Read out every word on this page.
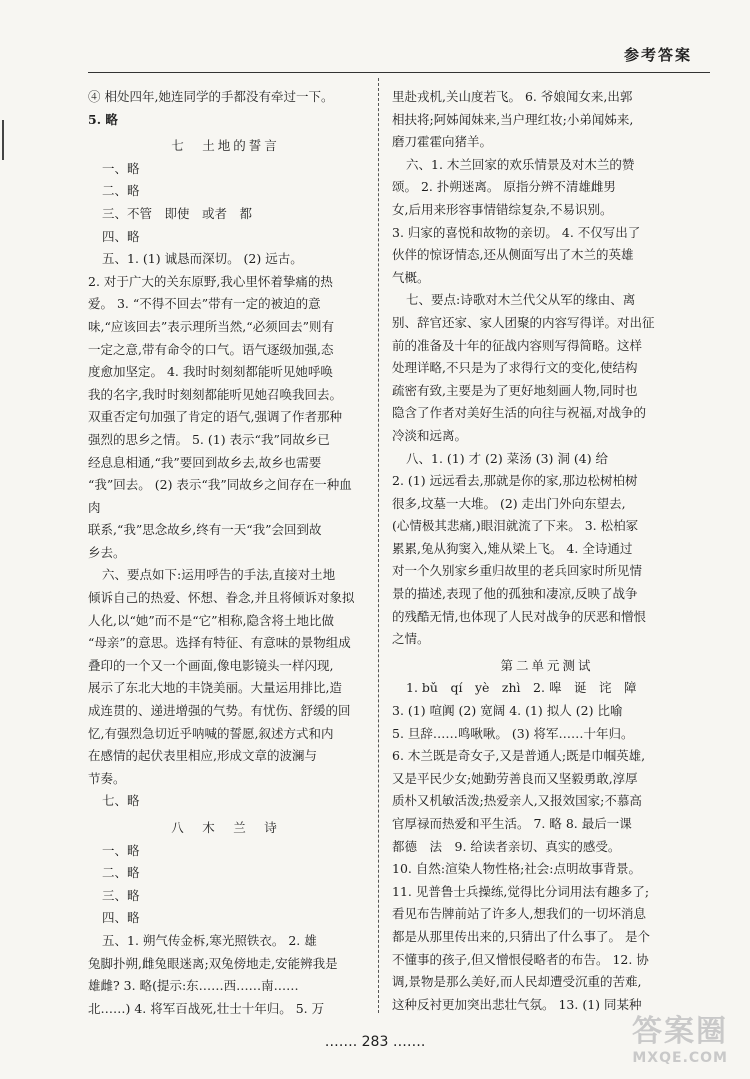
参考答案

④ 相处四年,她连同学的手都没有牵过一下。

5. 略

七　土地的誓言

一、略

二、略

三、不管　即使　或者　都

四、略

五、1. (1) 诚恳而深切。 (2) 远古。

2. 对于广大的关东原野,我心里怀着挚痛的热

爱。 3. “不得不回去”带有一定的被迫的意

味,“应该回去”表示理所当然,“必须回去”则有

一定之意,带有命令的口气。语气逐级加强,态

度愈加坚定。 4. 我时时刻刻都能听见她呼唤

我的名字,我时时刻刻都能听见她召唤我回去。

双重否定句加强了肯定的语气,强调了作者那种

强烈的思乡之情。 5. (1) 表示“我”同故乡已

经息息相通,“我”要回到故乡去,故乡也需要

“我”回去。 (2) 表示“我”同故乡之间存在一种血肉

联系,“我”思念故乡,终有一天“我”会回到故

乡去。

六、要点如下:运用呼告的手法,直接对土地

倾诉自己的热爱、怀想、眷念,并且将倾诉对象拟

人化,以“她”而不是“它”相称,隐含将土地比做

“母亲”的意思。选择有特征、有意味的景物组成

叠印的一个又一个画面,像电影镜头一样闪现,

展示了东北大地的丰饶美丽。大量运用排比,造

成连贯的、递进增强的气势。有忧伤、舒缓的回

忆,有强烈急切近乎呐喊的誓愿,叙述方式和内

在感情的起伏表里相应,形成文章的波澜与

节奏。

七、略

八　木　兰　诗

一、略

二、略

三、略

四、略

五、1. 朔气传金柝,寒光照铁衣。 2. 雄

兔脚扑朔,雌兔眼迷离;双兔傍地走,安能辨我是

雄雌? 3. 略(提示:东……西……南……

北……) 4. 将军百战死,壮士十年归。 5. 万

里赴戎机,关山度若飞。 6. 爷娘闻女来,出郭

相扶将;阿姊闻妹来,当户理红妆;小弟闻姊来,

磨刀霍霍向猪羊。

六、1. 木兰回家的欢乐情景及对木兰的赞

颂。 2. 扑朔迷离。 原指分辨不清雄雌男

女,后用来形容事情错综复杂,不易识别。

3. 归家的喜悦和故物的亲切。 4. 不仅写出了

伙伴的惊讶情态,还从侧面写出了木兰的英雄

气概。

七、要点:诗歌对木兰代父从军的缘由、离

别、辞官还家、家人团聚的内容写得详。对出征

前的准备及十年的征战内容则写得简略。这样

处理详略,不只是为了求得行文的变化,使结构

疏密有致,主要是为了更好地刻画人物,同时也

隐含了作者对美好生活的向往与祝福,对战争的

冷淡和远离。

八、1. (1) 才 (2) 菜汤 (3) 洞 (4) 给

2. (1) 远远看去,那就是你的家,那边松树柏树

很多,坟墓一大堆。 (2) 走出门外向东望去,

(心情极其悲痛,)眼泪就流了下来。 3. 松柏冢

累累,兔从狗窦入,雉从梁上飞。 4. 全诗通过

对一个久别家乡重归故里的老兵回家时所见情

景的描述,表现了他的孤独和凄凉,反映了战争

的残酷无情,也体现了人民对战争的厌恶和憎恨

之情。

第二单元测试

1. bǔ　qí　yè　zhì　2. 嗥　诞　诧　障

3. (1) 喧阗 (2) 宽阔 4. (1) 拟人 (2) 比喻

5. 旦辞……鸣啾啾。 (3) 将军……十年归。

6. 木兰既是奇女子,又是普通人;既是巾帼英雄,

又是平民少女;她勤劳善良而又坚毅勇敢,淳厚

质朴又机敏活泼;热爱亲人,又报效国家;不慕高

官厚禄而热爱和平生活。 7. 略 8. 最后一课

都德　法　9. 给读者亲切、真实的感受。

10. 自然:渲染人物性格;社会:点明故事背景。

11. 见普鲁士兵操练,觉得比分词用法有趣多了;

看见布告牌前站了许多人,想我们的一切坏消息

都是从那里传出来的,只猜出了什么事了。 是个

不懂事的孩子,但又憎恨侵略者的布告。 12. 协

调,景物是那么美好,而人民却遭受沉重的苦难,

这种反衬更加突出悲壮气氛。 13. (1) 同某种

……. 283 …….	答案圈
MXQE.COM
